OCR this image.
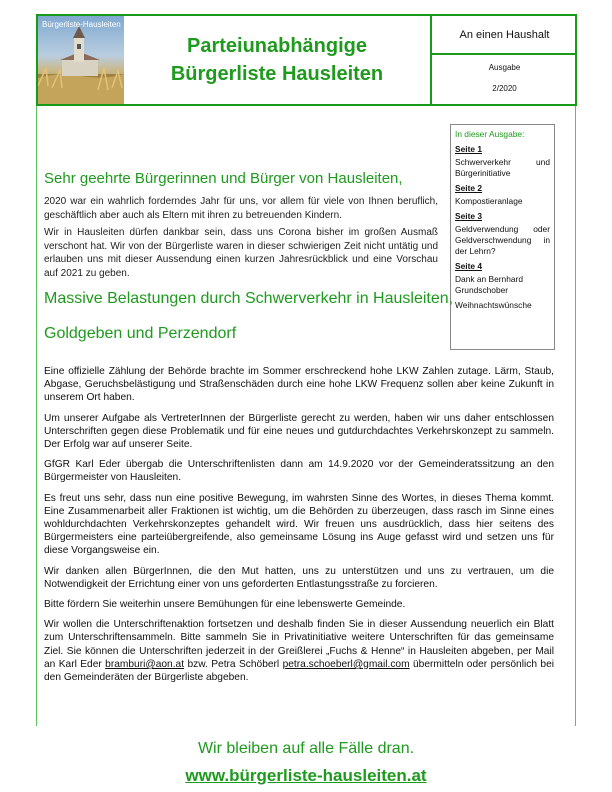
Bürgerliste-Hausleiten
Parteiunabhängige
Bürgerliste Hausleiten
An einen Haushalt
Ausgabe
2/2020
In dieser Ausgabe:
Seite 1
Schwerverkehr und Bürgerinitiative
Seite 2
Kompostieranlage
Seite 3
Geldverwendung oder Geldverschwendung in der Lehrn?
Seite 4
Dank an Bernhard Grundschober
Weihnachtswünsche
Sehr geehrte Bürgerinnen und Bürger von Hausleiten,
2020 war ein wahrlich forderndes Jahr für uns, vor allem für viele von Ihnen beruflich, geschäftlich aber auch als Eltern mit ihren zu betreuenden Kindern.
Wir in Hausleiten dürfen dankbar sein, dass uns Corona bisher im großen Ausmaß verschont hat. Wir von der Bürgerliste waren in dieser schwierigen Zeit nicht untätig und erlauben uns mit dieser Aussendung einen kurzen Jahresrückblick und eine Vorschau auf 2021 zu geben.
Massive Belastungen durch Schwerverkehr in Hausleiten,
Goldgeben und Perzendorf

Eine offizielle Zählung der Behörde brachte im Sommer erschreckend hohe LKW Zahlen zutage. Lärm, Staub, Abgase, Geruchsbelästigung und Straßenschäden durch eine hohe LKW Frequenz sollen aber keine Zukunft in unserem Ort haben.

Um unserer Aufgabe als VertreterInnen der Bürgerliste gerecht zu werden, haben wir uns daher entschlossen Unterschriften gegen diese Problematik und für eine neues und gutdurchdachtes Verkehrskonzept zu sammeln. Der Erfolg war auf unserer Seite.

GfGR Karl Eder übergab die Unterschriftenlisten dann am 14.9.2020 vor der Gemeinderatssitzung an den Bürgermeister von Hausleiten.

Es freut uns sehr, dass nun eine positive Bewegung, im wahrsten Sinne des Wortes, in dieses Thema kommt. Eine Zusammenarbeit aller Fraktionen ist wichtig, um die Behörden zu überzeugen, dass rasch im Sinne eines wohldurchdachten Verkehrskonzeptes gehandelt wird. Wir freuen uns ausdrücklich, dass hier seitens des Bürgermeisters eine parteiübergreifende, also gemeinsame Lösung ins Auge gefasst wird und setzen uns für diese Vorgangsweise ein.

Wir danken allen BürgerInnen, die den Mut hatten, uns zu unterstützen und uns zu vertrauen, um die Notwendigkeit der Errichtung einer von uns geforderten Entlastungsstraße zu forcieren.

Bitte fördern Sie weiterhin unsere Bemühungen für eine lebenswerte Gemeinde.

Wir wollen die Unterschriftenaktion fortsetzen und deshalb finden Sie in dieser Aussendung neuerlich ein Blatt zum Unterschriftensammeln. Bitte sammeln Sie in Privatinitiative weitere Unterschriften für das gemeinsame Ziel. Sie können die Unterschriften jederzeit in der Greißlerei „Fuchs & Henne“ in Hausleiten abgeben, per Mail an Karl Eder bramburi@aon.at bzw. Petra Schöberl petra.schoeberl@gmail.com übermitteln oder persönlich bei den Gemeinderäten der Bürgerliste abgeben.

Wir bleiben auf alle Fälle dran.
www.bürgerliste-hausleiten.at
